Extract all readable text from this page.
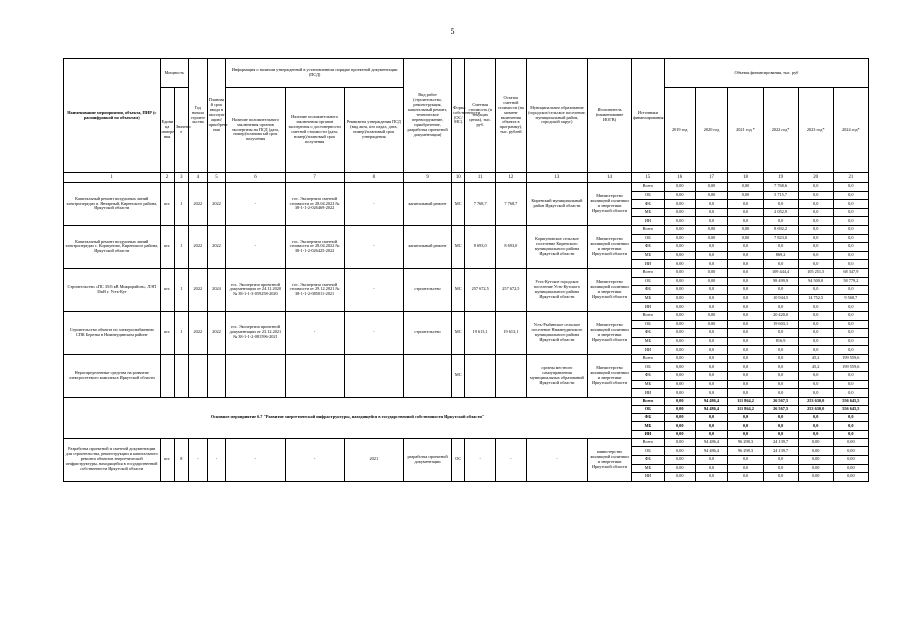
5
Наименование мероприятия, объекта, ПИР (с расшифровкой по объектам)	Мощность		Год начала строите льства	Планова й срок ввода в эксплуат ацию/приобрете ния	Информация о наличии утвержденной в установленном порядке проектной документации (ПСД)			Вид работ (строительство, реконструкция, капитальный ремонт, техническое перевооружение, приобретение, разработка проектной документации)	Форма собственности (ОС/МС)	Сметная стоимость (в текущих ценах), тыс. руб.	Остаток сметной стоимости (на момент включения объекта в программу), тыс. рублей	Муниципальное образование (городское/сельское поселение, муниципальный район, городской округ)	Исполнитель (наименование ИОГВ)	Источники финансирования	Объемы финансирования, тыс. руб					
	Едини ца измере ния	Значени е			Наличие положительного заключения органов экспертизы на ПСД (дата, номер)/планова ый срок получения	Наличие положительного заключения органов экспертизы о достоверности сметной стоимости (дата, номер)/плановый срок получения	Реквизиты утверждения ПСД (вид акта, кто издал, дата, номер)/плановый срок утверждения								2019 год	2020 год	2021 год *	2022 год*	2023 год*	2024 год*
1	2	3	4	5	6	7	8	9	10	11	12	13	14	15	16	17	18	19	20	21
Капитальный ремонт воздушных линий электропередач п. Янтарный, Киренского района, Иркутской области	шт.	1	2022	2022	-	гос. Экспертиза сметной стоимости от 28.04.2022 № 38-1-1-2-026469-2022	-	капитальный ремонт	МС	7 768,7	7 768,7	Киренский муниципальный район Иркутской области	Министерство жилищной политики и энергетики Иркутской области	Всего	0,00	0,00	0,00	7 768,6	0,0	0,0
														ОБ	0,00	0,00	0,00	5 715,7	0,0	0,0
														ФБ	0,00	0,0	0,0	0,0	0,0	0,0
														МБ	0,00	0,0	0,0	2 052,9	0,0	0,0
														ИИ	0,00	0,0	0,0	0,0	0,0	0,0
Капитальный ремонт воздушных линий электропередач с. Коршуново, Киренского района, Иркутской области	шт.	1	2022	2022	-	гос. Экспертиза сметной стоимости от 28.04.2022 № 38-1-1-2-026425-2022	-	капитальный ремонт	МС	8 693,0	8 693,0	Коршуновское сельское поселение Киренского муниципального района Иркутской области	Министерство жилищной политики и энергетики Иркутской области	Всего	0,00	0,00	0,00	8 692,2	0,0	0,0
														ОБ	0,00	0,00	0,00	7 823,0	0,0	0,0
														ФБ	0,00	0,0	0,0	0,0	0,0	0,0
														МБ	0,00	0,0	0,0	869,2	0,0	0,0
														ИИ	0,00	0,0	0,0	0,0	0,0	0,0
Строительство «ПС 35/6 кВ Микрорайон», ЛЭП 35кВ г. Усть-Кут	шт.	1	2022	2024	гос. Экспертиза проектной документации от 24.11.2020 № 38-1-1-3-059258-2020	гос. Экспертиза сметной стоимости от 29.12.2021 № 38-1-1-2-085011-2021	-	строительство	МС	257 672,5	257 672,5	Усть-Кутское городское поселение Усть-Кутского муниципального района Иркутской области	Министерство жилищной политики и энергетики Иркутской области	Всего	0,00	0,00	0,0	109 444,4	105 251,5	68 347,9
														ОБ	0,00	0,00	0,0	98 499,9	94 500,0	58 779,2
														ФБ	0,00	0,0	0,0	0,0	0,0	0,0
														МБ	0,00	0,0	0,0	10 944,5	14 752,5	9 568,7
														ИИ	0,00	0,0	0,0	0,0	0,0	0,0
Строительство объекта по электроснабжению СПК Березка в Нижнеудинском районе	шт.	1	2022	2022	гос. Экспертиза проектной документации от 23.12.2021 № 38-1-1-2-081596-2021	-	-	строительство	МС	19 613,1	19 613,1	Усть-Рыбинское сельское поселение Нижнеудинского муниципального района Иркутской области	Министерство жилищной политики и энергетики Иркутской области	Всего	0,00	0,00	0,0	20 420,0	0,0	0,0
														ОБ	0,00	0,00	0,0	19 603,1	0,0	0,0
														ФБ	0,00	0,0	0,0	0,0	0,0	0,0
														МБ	0,00	0,0	0,0	816,9	0,0	0,0
														ИИ	0,00	0,0	0,0	0,0	0,0	0,0
Нераспределенные средства на развитие электросетевого комплекса Иркутской области									МС			органы местного самоуправления муниципальных образований Иркутской области	Министерство жилищной политики и энергетики Иркутской области	Всего	0,00	0,0	0,0	0,0	45,2	199 559,6
														ОБ	0,00	0,0	0,0	0,0	45,2	199 559,6
														ФБ	0,00	0,0	0,0	0,0	0,0	0,0
														МБ	0,00	0,0	0,0	0,0	0,0	0,0
														ИИ	0,00	0,0	0,0	0,0	0,0	0,0
Основное мероприятие 6.7 "Развитие энергетической инфраструктуры, находящейся в государственной собственности Иркутской области"														Всего	0,00	94 486,4	111 864,2	26 567,5	253 630,0	556 645,5
														ОБ	0,00	94 486,4	111 864,2	26 567,5	253 630,0	556 645,5
														ФБ	0,00	0,0	0,0	0,0	0,0	0,0
														МБ	0,00	0,0	0,0	0,0	0,0	0,0
														ИИ	0,00	0,0	0,0	0,0	0,0	0,0
Разработка проектной и сметной документации для строительства, реконструкции и капитального ремонта объектов энергетической инфраструктуры, находящейся в государственной собственности Иркутской области	шт.	8	-	-	-	-	2021	разработка проектной документации	ОС	-	-	-	министерство жилищной политики и энергетики Иркутской области	Всего	0,00	94 486,4	96 298,3	24 139,7	0,00	0,00
														ОБ	0,00	94 486,4	96 298,3	24 139,7	0,00	0,00
														ФБ	0,00	0,0	0,0	0,0	0,00	0,00
														МБ	0,00	0,0	0,0	0,0	0,00	0,00
														ИИ	0,00	0,0	0,0	0,0	0,00	0,00
